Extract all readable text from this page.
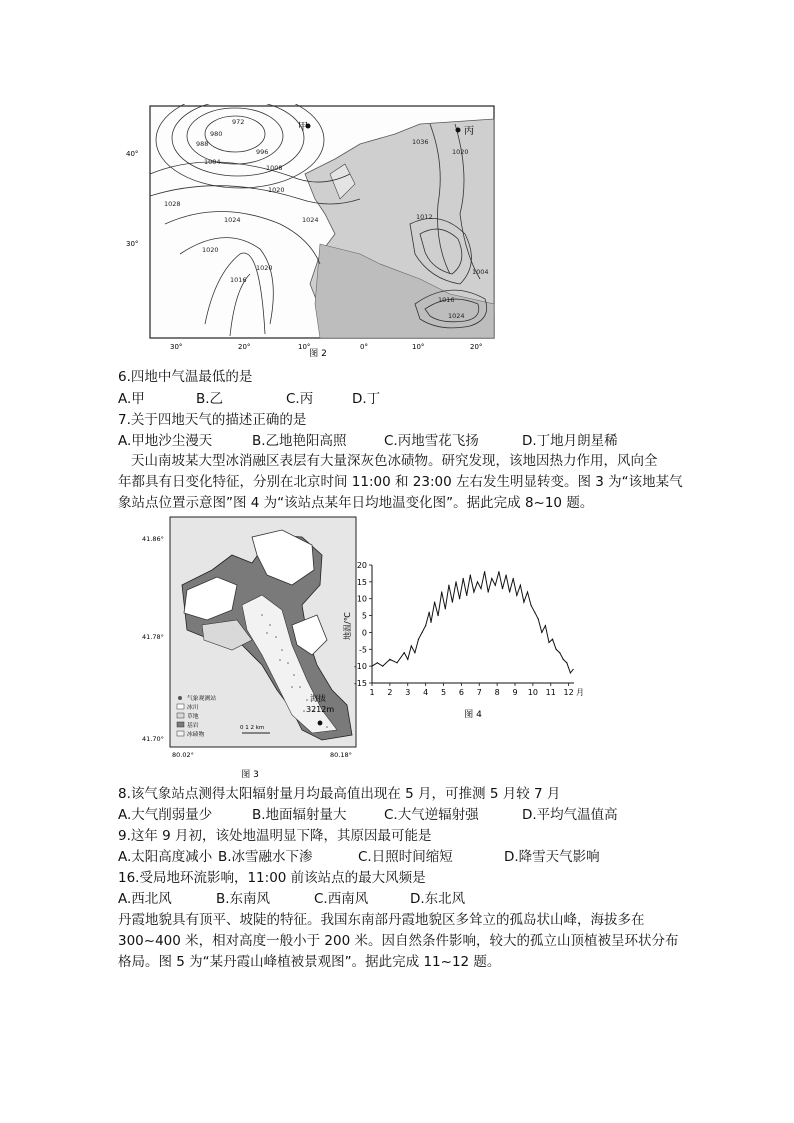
972
980
988
996
1004
1008
1020
1028
1024
1020
1016
1020
1024
1036
1020
1012
1004
1016
1024
甲	丙
40°
30°
30°	20°	10°	0°	10°	20°
图 2
6.四地中气温最低的是
A.甲	B.乙	C.丙	D.丁
7.关于四地天气的描述正确的是
A.甲地沙尘漫天	B.乙地艳阳高照	C.丙地雪花飞扬	D.丁地月朗星稀
天山南坡某大型冰消融区表层有大量深灰色冰碛物。研究发现，该地因热力作用，风向全
年都具有日变化特征，分别在北京时间 11:00 和 23:00 左右发生明显转变。图 3 为“该地某气
象站点位置示意图”图 4 为“该站点某年日均地温变化图”。据此完成 8~10 题。
海拔
3212m
41.86°
41.78°
41.70°
80.02°	80.18°
0 1 2 km
气象观测站
冰川
草地
基岩
冰碛物
图 3
20
15
10
5
0
-5
-10
-15
1 2 3 4 5 6 7 8 9 10 11 12
地温/℃
月
图 4
8.该气象站点测得太阳辐射量月均最高值出现在 5 月，可推测 5 月较 7 月
A.大气削弱量少	B.地面辐射量大	C.大气逆辐射强	D.平均气温值高
9.这年 9 月初，该处地温明显下降，其原因最可能是
A.太阳高度减小 B.冰雪融水下渗	C.日照时间缩短	D.降雪天气影响
16.受局地环流影响，11:00 前该站点的最大风频是
A.西北风	B.东南风	C.西南风	D.东北风
丹霞地貌具有顶平、坡陡的特征。我国东南部丹霞地貌区多耸立的孤岛状山峰，海拔多在
300~400 米，相对高度一般小于 200 米。因自然条件影响，较大的孤立山顶植被呈环状分布
格局。图 5 为“某丹霞山峰植被景观图”。据此完成 11~12 题。
